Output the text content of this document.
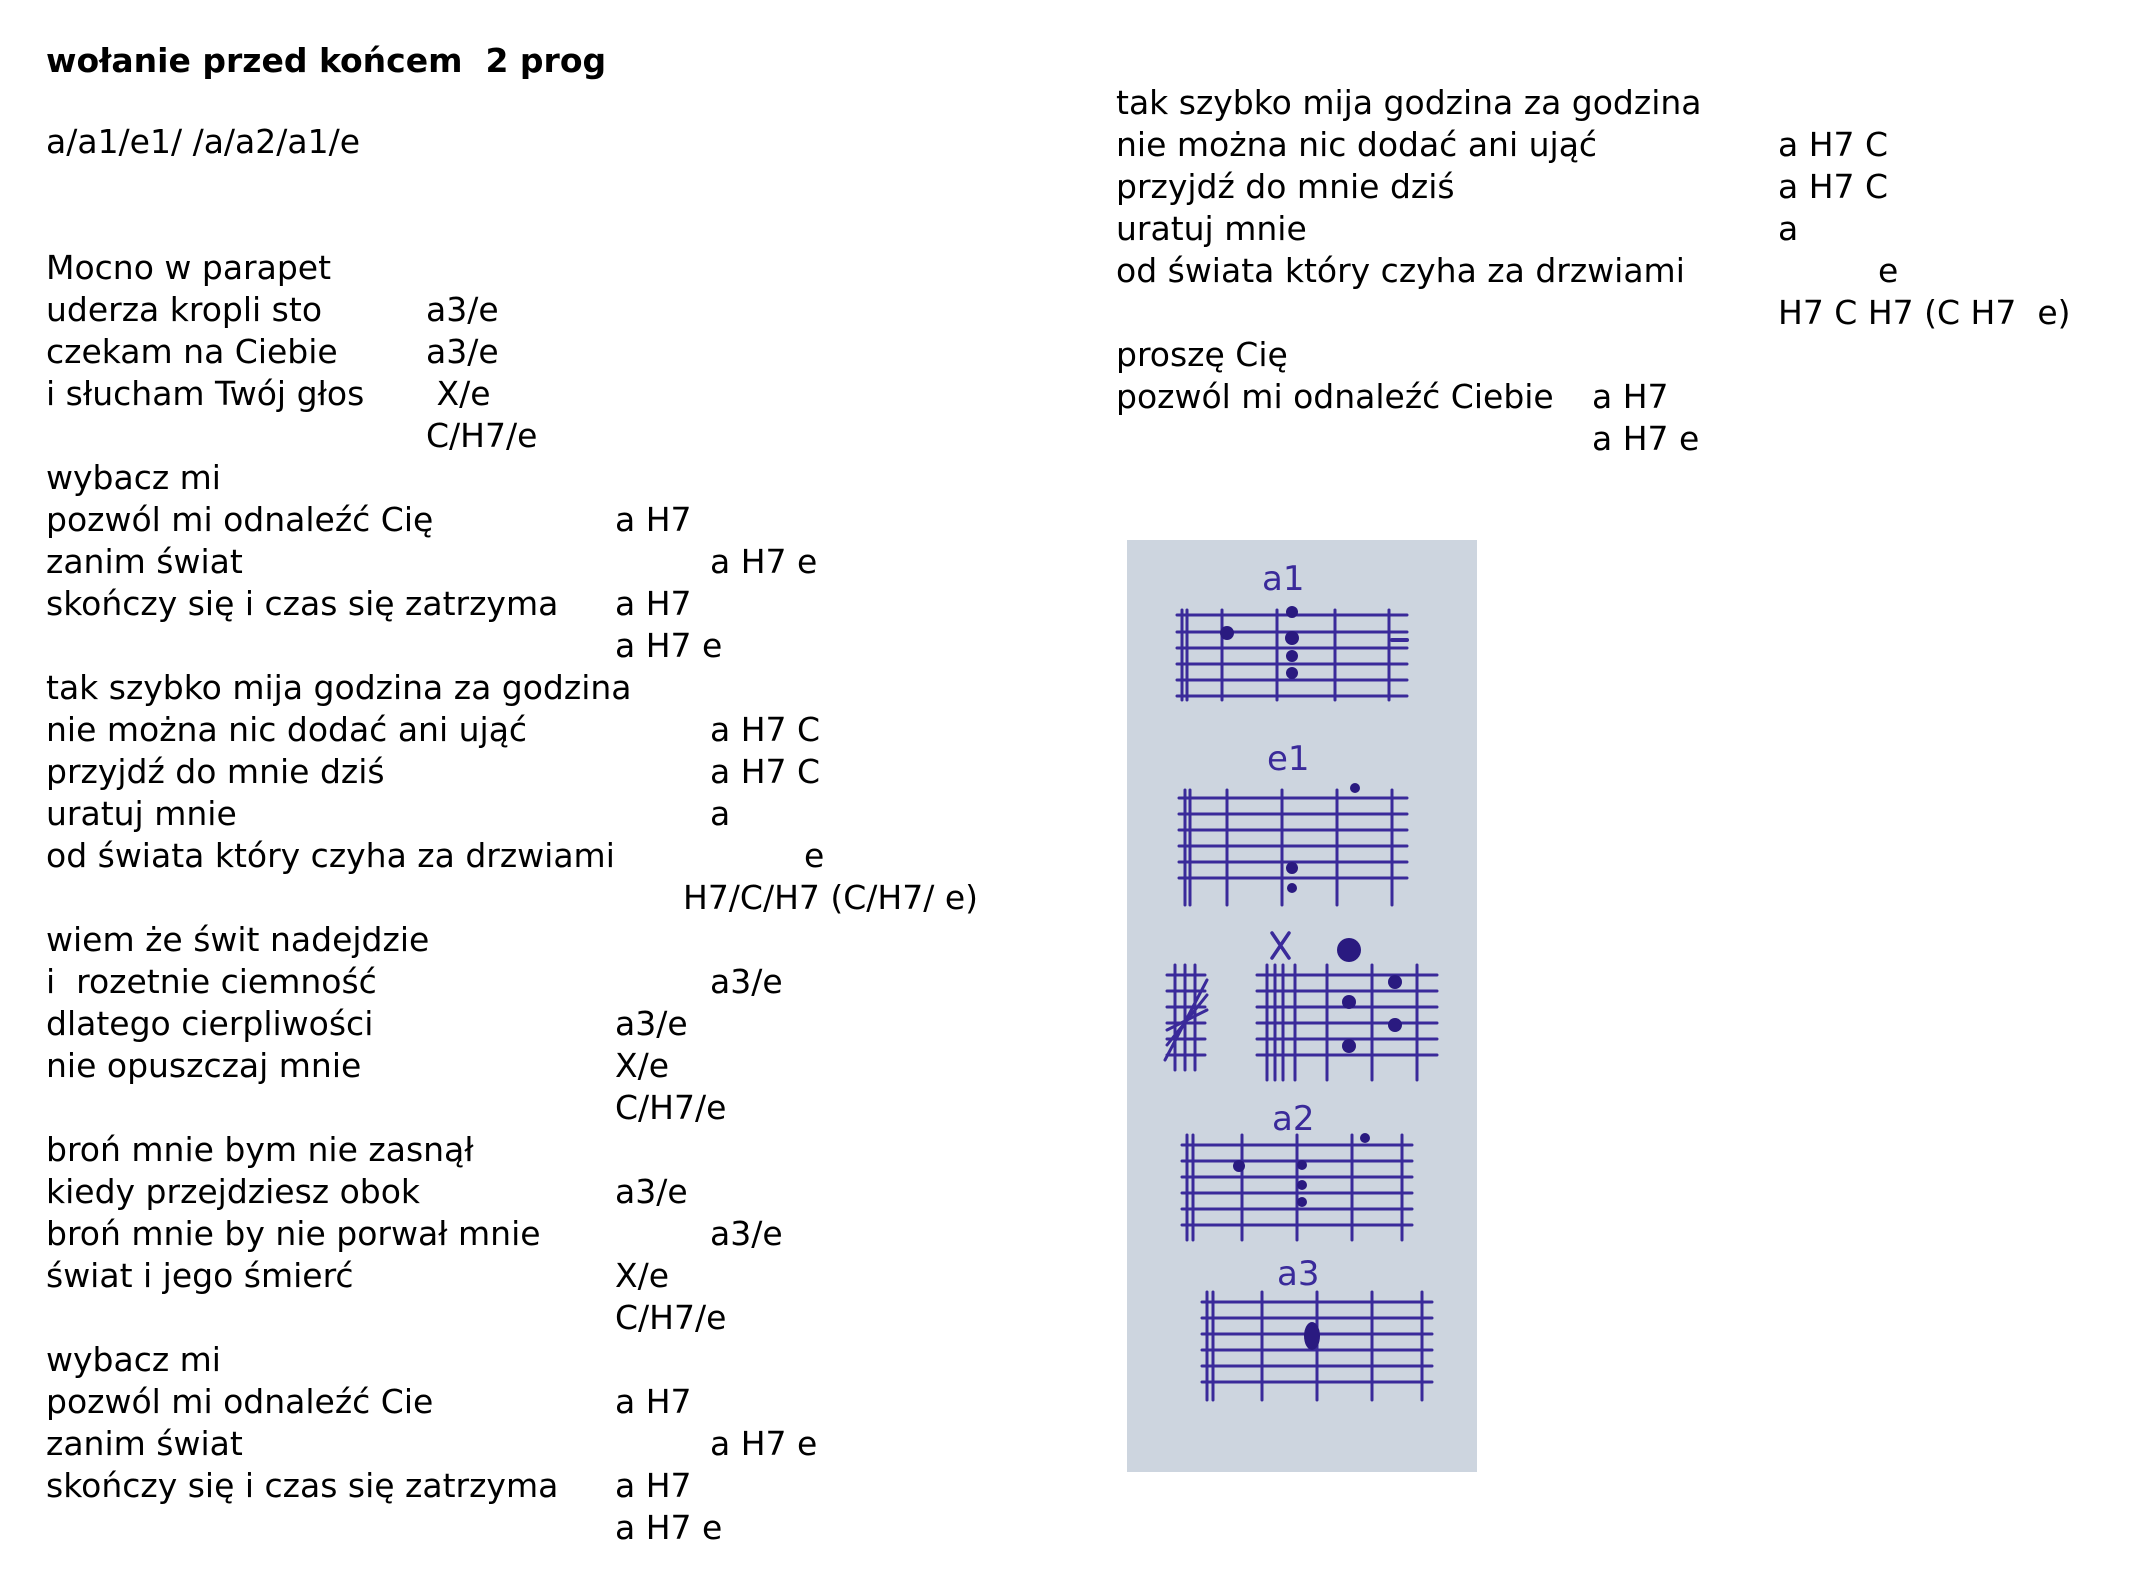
wołanie przed końcem  2 prog
a/a1/e1/ /a/a2/a1/e

Mocno w parapet

a3/e

uderza kropli sto

a3/e

czekam na Ciebie

X/e

i słucham Twój głos

C/H7/e

wybacz mi

a H7

pozwól mi odnaleźć Cię

a H7 e

zanim świat

a H7

skończy się i czas się zatrzyma

a H7 e

tak szybko mija godzina za godzina

a H7 C

nie można nic dodać ani ująć

a H7 C

przyjdź do mnie dziś

a

uratuj mnie

e

od świata który czyha za drzwiami

H7/C/H7 (C/H7/ e)

wiem że świt nadejdzie

a3/e

i  rozetnie ciemność

a3/e

dlatego cierpliwości

X/e

nie opuszczaj mnie

C/H7/e

broń mnie bym nie zasnął

a3/e

kiedy przejdziesz obok

a3/e

broń mnie by nie porwał mnie

X/e

świat i jego śmierć

C/H7/e

wybacz mi

a H7

pozwól mi odnaleźć Cie

a H7 e

zanim świat

a H7

skończy się i czas się zatrzyma

a H7 e

tak szybko mija godzina za godzina

a H7 C

nie można nic dodać ani ująć

a H7 C

przyjdź do mnie dziś

a

uratuj mnie

e

od świata który czyha za drzwiami

H7 C H7 (C H7  e)

proszę Cię

a H7

pozwól mi odnaleźć Ciebie

a H7 e

a1
e1
a2
a3
